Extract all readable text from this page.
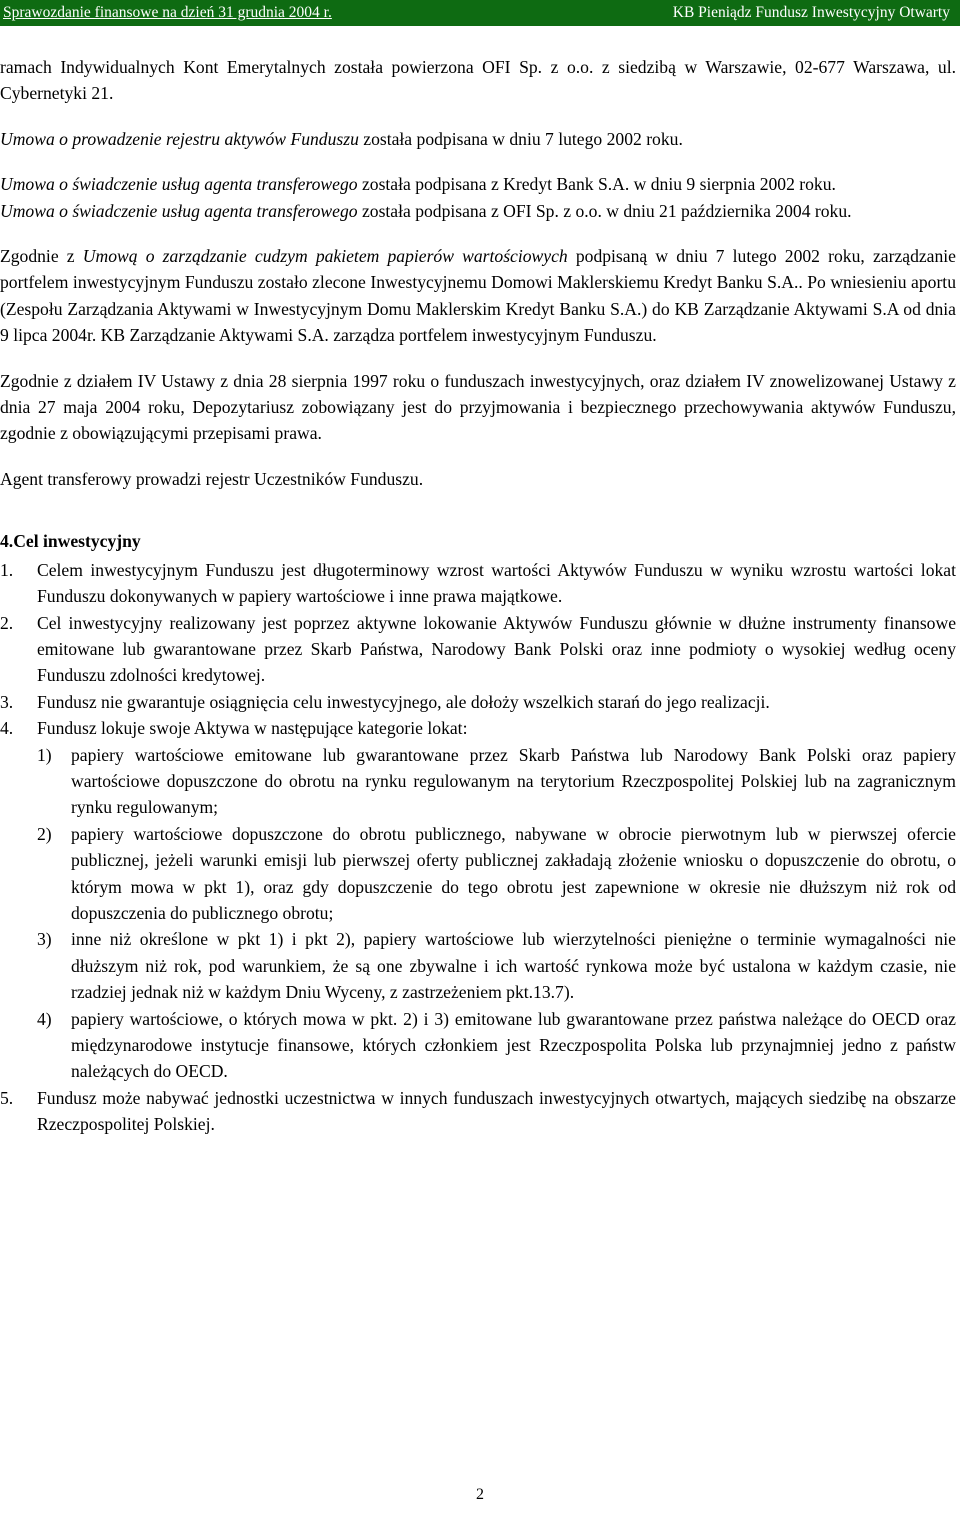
Sprawozdanie finansowe na dzień 31 grudnia 2004 r.	KB Pieniądz Fundusz Inwestycyjny Otwarty

ramach Indywidualnych Kont Emerytalnych została powierzona OFI Sp. z o.o. z siedzibą w Warszawie, 02-677 Warszawa, ul. Cybernetyki 21.

Umowa o prowadzenie rejestru aktywów Funduszu została podpisana w dniu 7 lutego 2002 roku.

Umowa o świadczenie usług agenta transferowego została podpisana z Kredyt Bank S.A. w dniu 9 sierpnia 2002 roku.

Umowa o świadczenie usług agenta transferowego została podpisana z OFI Sp. z o.o. w dniu 21 października 2004 roku.

Zgodnie z Umową o zarządzanie cudzym pakietem papierów wartościowych podpisaną w dniu 7 lutego 2002 roku, zarządzanie portfelem inwestycyjnym Funduszu zostało zlecone Inwestycyjnemu Domowi Maklerskiemu Kredyt Banku S.A.. Po wniesieniu aportu (Zespołu Zarządzania Aktywami w Inwestycyjnym Domu Maklerskim Kredyt Banku S.A.) do KB Zarządzanie Aktywami S.A od dnia 9 lipca 2004r. KB Zarządzanie Aktywami S.A. zarządza portfelem inwestycyjnym Funduszu.

Zgodnie z działem IV Ustawy z dnia 28 sierpnia 1997 roku o funduszach inwestycyjnych, oraz działem IV znowelizowanej Ustawy z dnia 27 maja 2004 roku, Depozytariusz zobowiązany jest do przyjmowania i bezpiecznego przechowywania aktywów Funduszu, zgodnie z obowiązującymi przepisami prawa.

Agent transferowy prowadzi rejestr Uczestników Funduszu.

4.Cel inwestycyjny

1. Celem inwestycyjnym Funduszu jest długoterminowy wzrost wartości Aktywów Funduszu w wyniku wzrostu wartości lokat Funduszu dokonywanych w papiery wartościowe i inne prawa majątkowe.
2. Cel inwestycyjny realizowany jest poprzez aktywne lokowanie Aktywów Funduszu głównie w dłużne instrumenty finansowe emitowane lub gwarantowane przez Skarb Państwa, Narodowy Bank Polski oraz inne podmioty o wysokiej według oceny Funduszu zdolności kredytowej.
3. Fundusz nie gwarantuje osiągnięcia celu inwestycyjnego, ale dołoży wszelkich starań do jego realizacji.
4. Fundusz lokuje swoje Aktywa w następujące kategorie lokat:
1) papiery wartościowe emitowane lub gwarantowane przez Skarb Państwa lub Narodowy Bank Polski oraz papiery wartościowe dopuszczone do obrotu na rynku regulowanym na terytorium Rzeczpospolitej Polskiej lub na zagranicznym rynku regulowanym;
2) papiery wartościowe dopuszczone do obrotu publicznego, nabywane w obrocie pierwotnym lub w pierwszej ofercie publicznej, jeżeli warunki emisji lub pierwszej oferty publicznej zakładają złożenie wniosku o dopuszczenie do obrotu, o którym mowa w pkt 1), oraz gdy dopuszczenie do tego obrotu jest zapewnione w okresie nie dłuższym niż rok od dopuszczenia do publicznego obrotu;
3) inne niż określone w pkt 1) i pkt 2), papiery wartościowe lub wierzytelności pieniężne o terminie wymagalności nie dłuższym niż rok, pod warunkiem, że są one zbywalne i ich wartość rynkowa może być ustalona w każdym czasie, nie rzadziej jednak niż w każdym Dniu Wyceny, z zastrzeżeniem pkt.13.7).
4) papiery wartościowe, o których mowa w pkt. 2) i 3) emitowane lub gwarantowane przez państwa należące do OECD oraz międzynarodowe instytucje finansowe, których członkiem jest Rzeczpospolita Polska lub przynajmniej jedno z państw należących do OECD.
5. Fundusz może nabywać jednostki uczestnictwa w innych funduszach inwestycyjnych otwartych, mających siedzibę na obszarze Rzeczpospolitej Polskiej.
2
